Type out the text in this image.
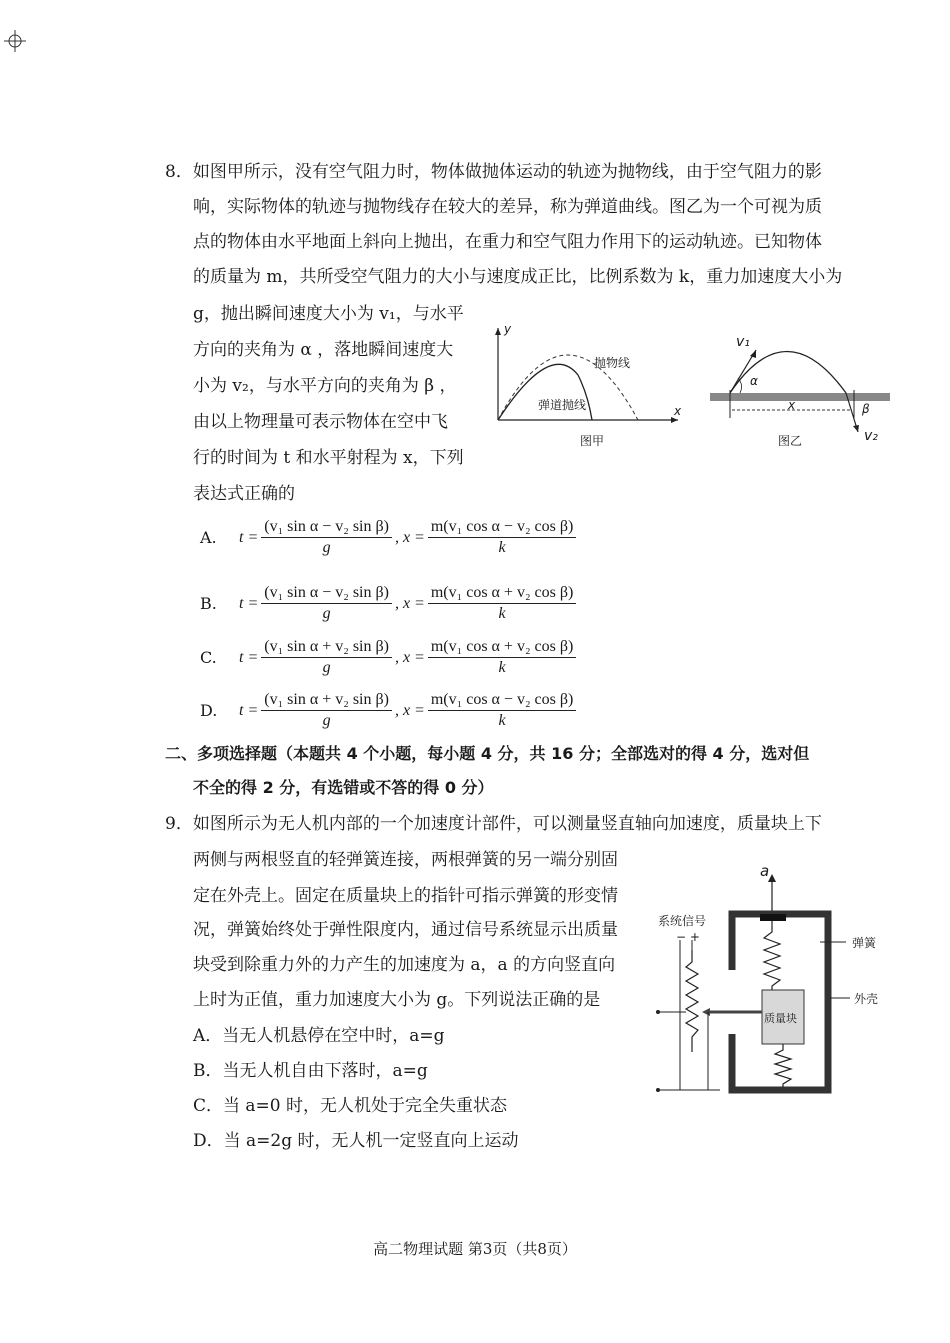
8．如图甲所示，没有空气阻力时，物体做抛体运动的轨迹为抛物线，由于空气阻力的影
响，实际物体的轨迹与抛物线存在较大的差异，称为弹道曲线。图乙为一个可视为质
点的物体由水平地面上斜向上抛出，在重力和空气阻力作用下的运动轨迹。已知物体
的质量为 m，共所受空气阻力的大小与速度成正比，比例系数为 k，重力加速度大小为
g，抛出瞬间速度大小为 v₁，与水平
方向的夹角为 α ，落地瞬间速度大
小为 v₂，与水平方向的夹角为 β ，
由以上物理量可表示物体在空中飞
行的时间为 t 和水平射程为 x，下列
表达式正确的
y
x
抛物线
弹道抛线
图甲
v₁
α
x	β
v₂
图乙
A.	$t = \frac{\text{(v₁ sin α − v₂ sin β)}}{g}$ , $x = \frac{\text{m(v₁ cos α − v₂ cos β)}}{k}$
B.	$t = \frac{\text{(v₁ sin α − v₂ sin β)}}{g}$ , $x = \frac{\text{m(v₁ cos α + v₂ cos β)}}{k}$
C.	$t = \frac{\text{(v₁ sin α + v₂ sin β)}}{g}$ , $x = \frac{\text{m(v₁ cos α + v₂ cos β)}}{k}$
D.	$t = \frac{\text{(v₁ sin α + v₂ sin β)}}{g}$ , $x = \frac{\text{m(v₁ cos α − v₂ cos β)}}{k}$
二、多项选择题（本题共 4 个小题，每小题 4 分，共 16 分；全部选对的得 4 分，选对但
不全的得 2 分，有选错或不答的得 0 分）
9．如图所示为无人机内部的一个加速度计部件，可以测量竖直轴向加速度，质量块上下
两侧与两根竖直的轻弹簧连接，两根弹簧的另一端分别固
定在外壳上。固定在质量块上的指针可指示弹簧的形变情
况，弹簧始终处于弹性限度内，通过信号系统显示出质量
块受到除重力外的力产生的加速度为 a，a 的方向竖直向
上时为正值，重力加速度大小为 g。下列说法正确的是
A．当无人机悬停在空中时，a=g
B．当无人机自由下落时，a=g
C．当 a=0 时，无人机处于完全失重状态
D．当 a=2g 时，无人机一定竖直向上运动
a
系统信号
− +	弹簧
外壳
质量块
高二物理试题 第3页（共8页）
